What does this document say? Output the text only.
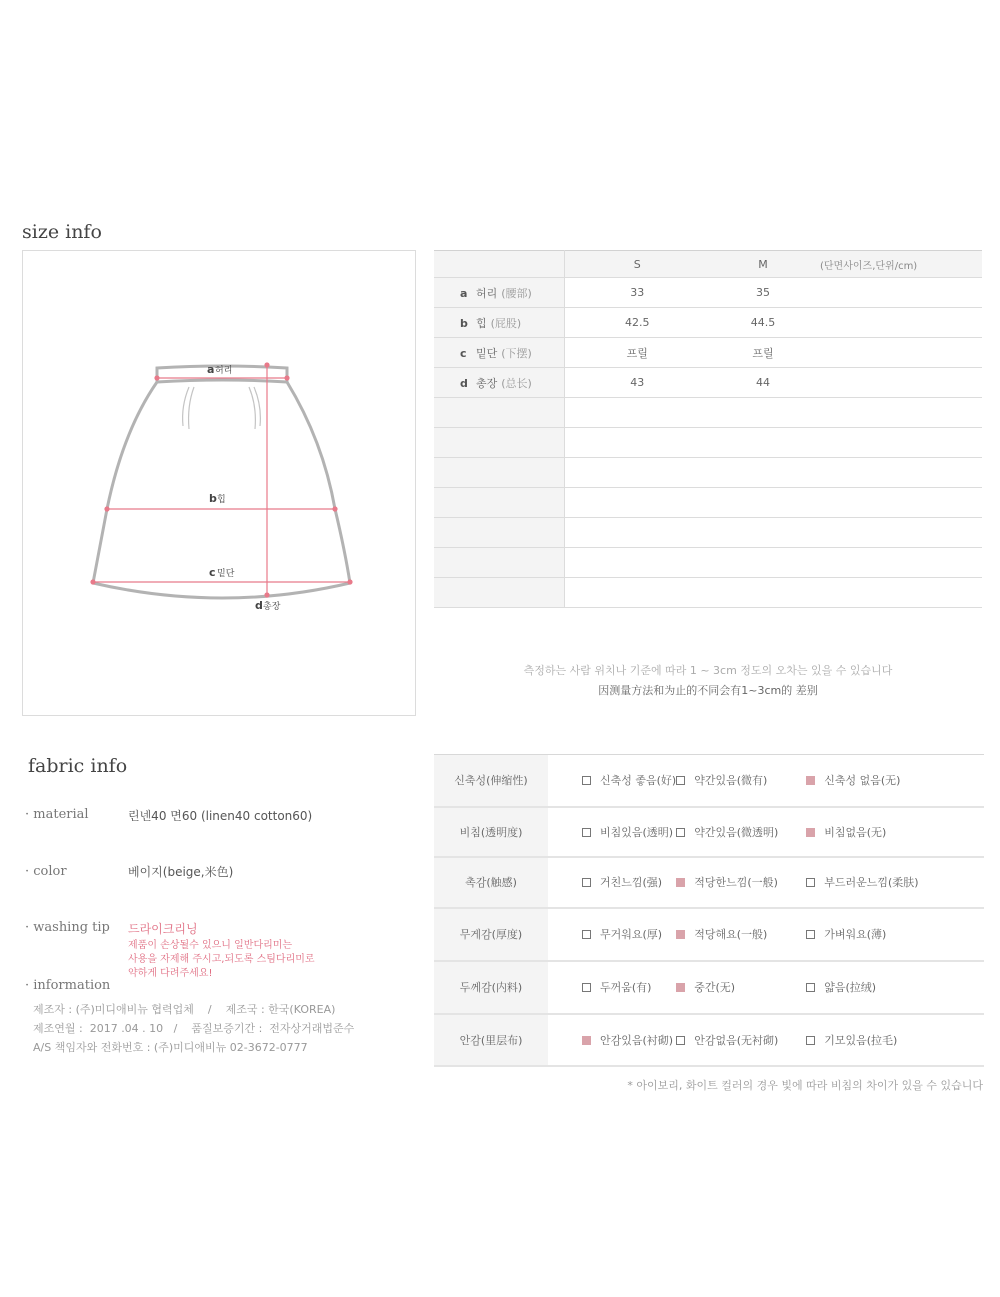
size info
a 허리
b 힙
c 밑단
d 총장
	S	M	(단면사이즈,단위/cm)
a 허리 (腰部)	33	35	
b 힙 (屁股)	42.5	44.5	
c 밑단 (下摆)	프릴	프릴	
d 총장 (总长)	43	44	

측정하는 사람 위치나 기준에 따라 1 ~ 3cm 정도의 오차는 있을 수 있습니다
因测量方法和为止的不同会有1~3cm的 差别
fabric info
· material	린넨40 면60 (linen40 cotton60)
· color	베이지(beige,米色)
· washing tip 드라이크리닝
제품이 손상될수 있으니 일반다리미는
사용을 자제해 주시고,되도록 스팀다리미로
약하게 다려주세요!
· information
제조자 : (주)미디애비뉴 협력업체    /    제조국 : 한국(KOREA)
제조연월 :  2017 .04 . 10   /    품질보증기간 :  전자상거래법준수
A/S 책임자와 전화번호 : (주)미디애비뉴 02-3672-0777
신축성(伸缩性)	신축성 좋음(好)	약간있음(微有)	신축성 없음(无)
비침(透明度)	비침있음(透明)	약간있음(微透明)	비침없음(无)
촉감(触感)	거친느낌(强)	적당한느낌(一般)	부드러운느낌(柔肤)
무게감(厚度)	무거워요(厚)	적당해요(一般)	가벼워요(薄)
두께감(内料)	두꺼움(有)	중간(无)	얇음(拉绒)
안감(里层布)	안감있음(衬砌)	안감없음(无衬砌)	기모있음(拉毛)
* 아이보리, 화이트 컬러의 경우 빛에 따라 비침의 차이가 있을 수 있습니다
